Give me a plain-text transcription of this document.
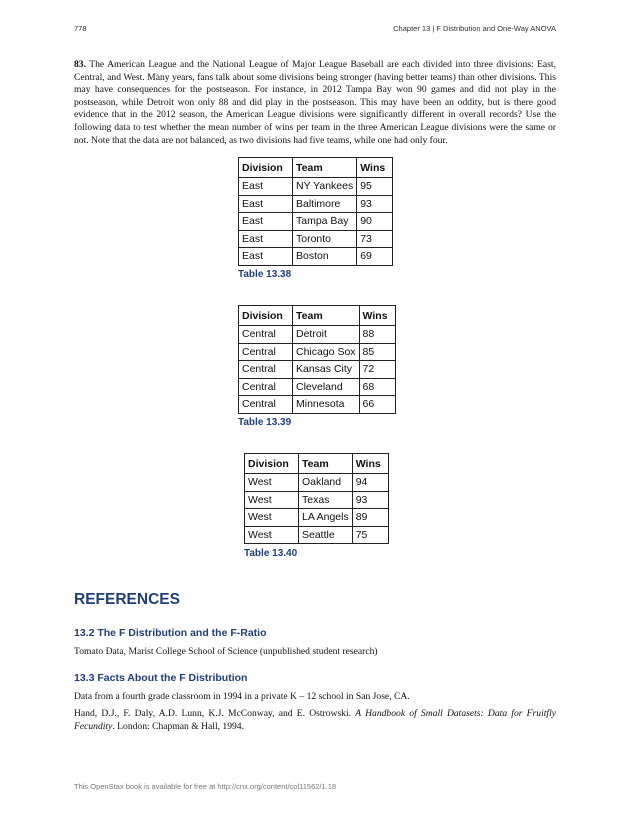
778	Chapter 13 | F Distribution and One-Way ANOVA

83. The American League and the National League of Major League Baseball are each divided into three divisions: East, Central, and West. Many years, fans talk about some divisions being stronger (having better teams) than other divisions. This may have consequences for the postseason. For instance, in 2012 Tampa Bay won 90 games and did not play in the postseason, while Detroit won only 88 and did play in the postseason. This may have been an oddity, but is there good evidence that in the 2012 season, the American League divisions were significantly different in overall records? Use the following data to test whether the mean number of wins per team in the three American League divisions were the same or not. Note that the data are not balanced, as two divisions had five teams, while one had only four.

Division	Team	Wins
East	NY Yankees	95
East	Baltimore	93
East	Tampa Bay	90
East	Toronto	73
East	Boston	69
Table 13.38
Division	Team	Wins
Central	Detroit	88
Central	Chicago Sox	85
Central	Kansas City	72
Central	Cleveland	68
Central	Minnesota	66
Table 13.39
Division	Team	Wins
West	Oakland	94
West	Texas	93
West	LA Angels	89
West	Seattle	75
Table 13.40
REFERENCES
13.2 The F Distribution and the F-Ratio

Tomato Data, Marist College School of Science (unpublished student research)

13.3 Facts About the F Distribution

Data from a fourth grade classroom in 1994 in a private K – 12 school in San Jose, CA.

Hand, D.J., F. Daly, A.D. Lunn, K.J. McConway, and E. Ostrowski. A Handbook of Small Datasets: Data for Fruitfly Fecundity. London: Chapman & Hall, 1994.

This OpenStax book is available for free at http://cnx.org/content/col11562/1.18
